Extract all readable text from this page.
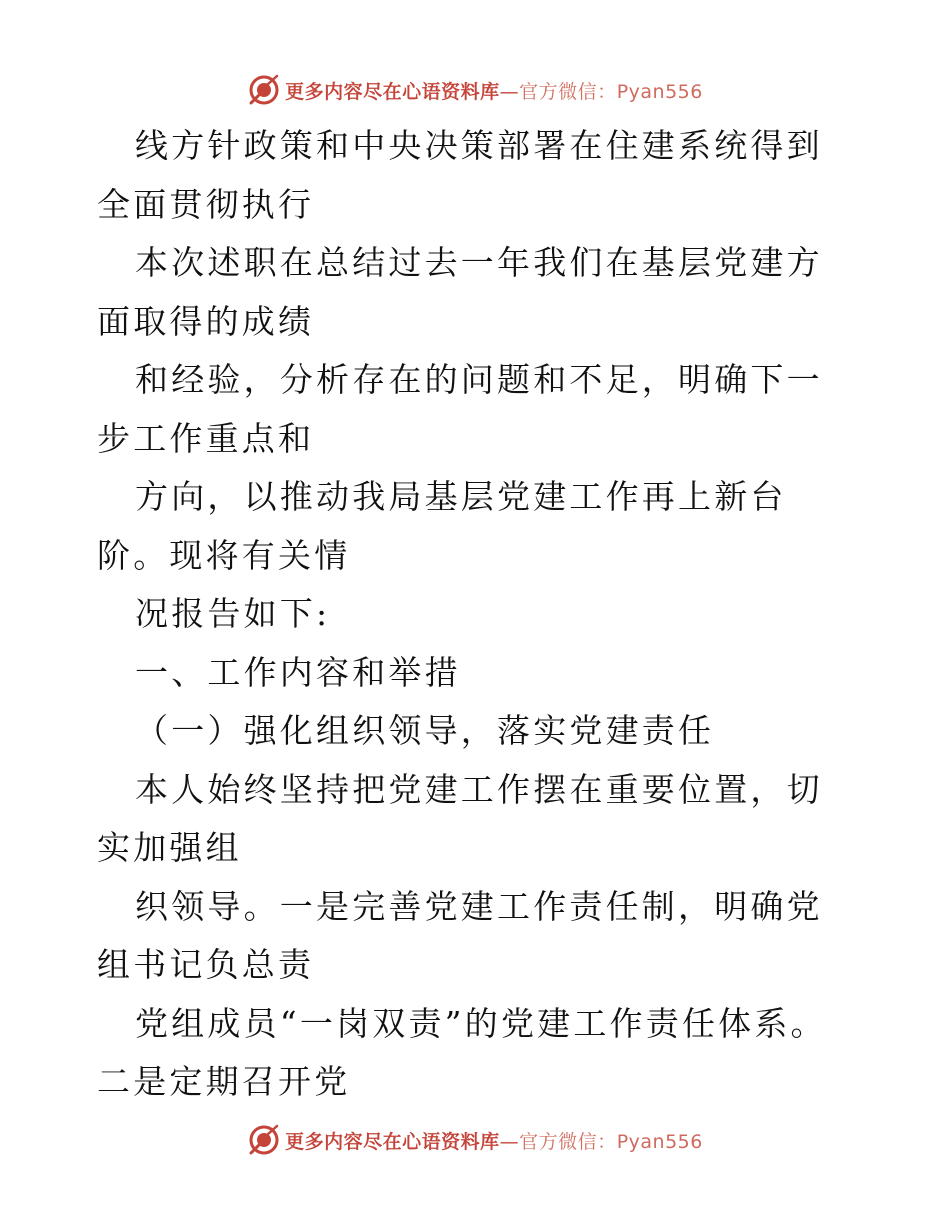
更多内容尽在心语资料库—官方微信：Pyan556

线方针政策和中央决策部署在住建系统得到全面贯彻执行

本次述职在总结过去一年我们在基层党建方面取得的成绩

和经验，分析存在的问题和不足，明确下一步工作重点和

方向，以推动我局基层党建工作再上新台阶。现将有关情

况报告如下:

一、工作内容和举措

（一）强化组织领导，落实党建责任

本人始终坚持把党建工作摆在重要位置，切实加强组

织领导。一是完善党建工作责任制，明确党组书记负总责

党组成员“一岗双责”的党建工作责任体系。二是定期召开党

更多内容尽在心语资料库—官方微信：Pyan556
